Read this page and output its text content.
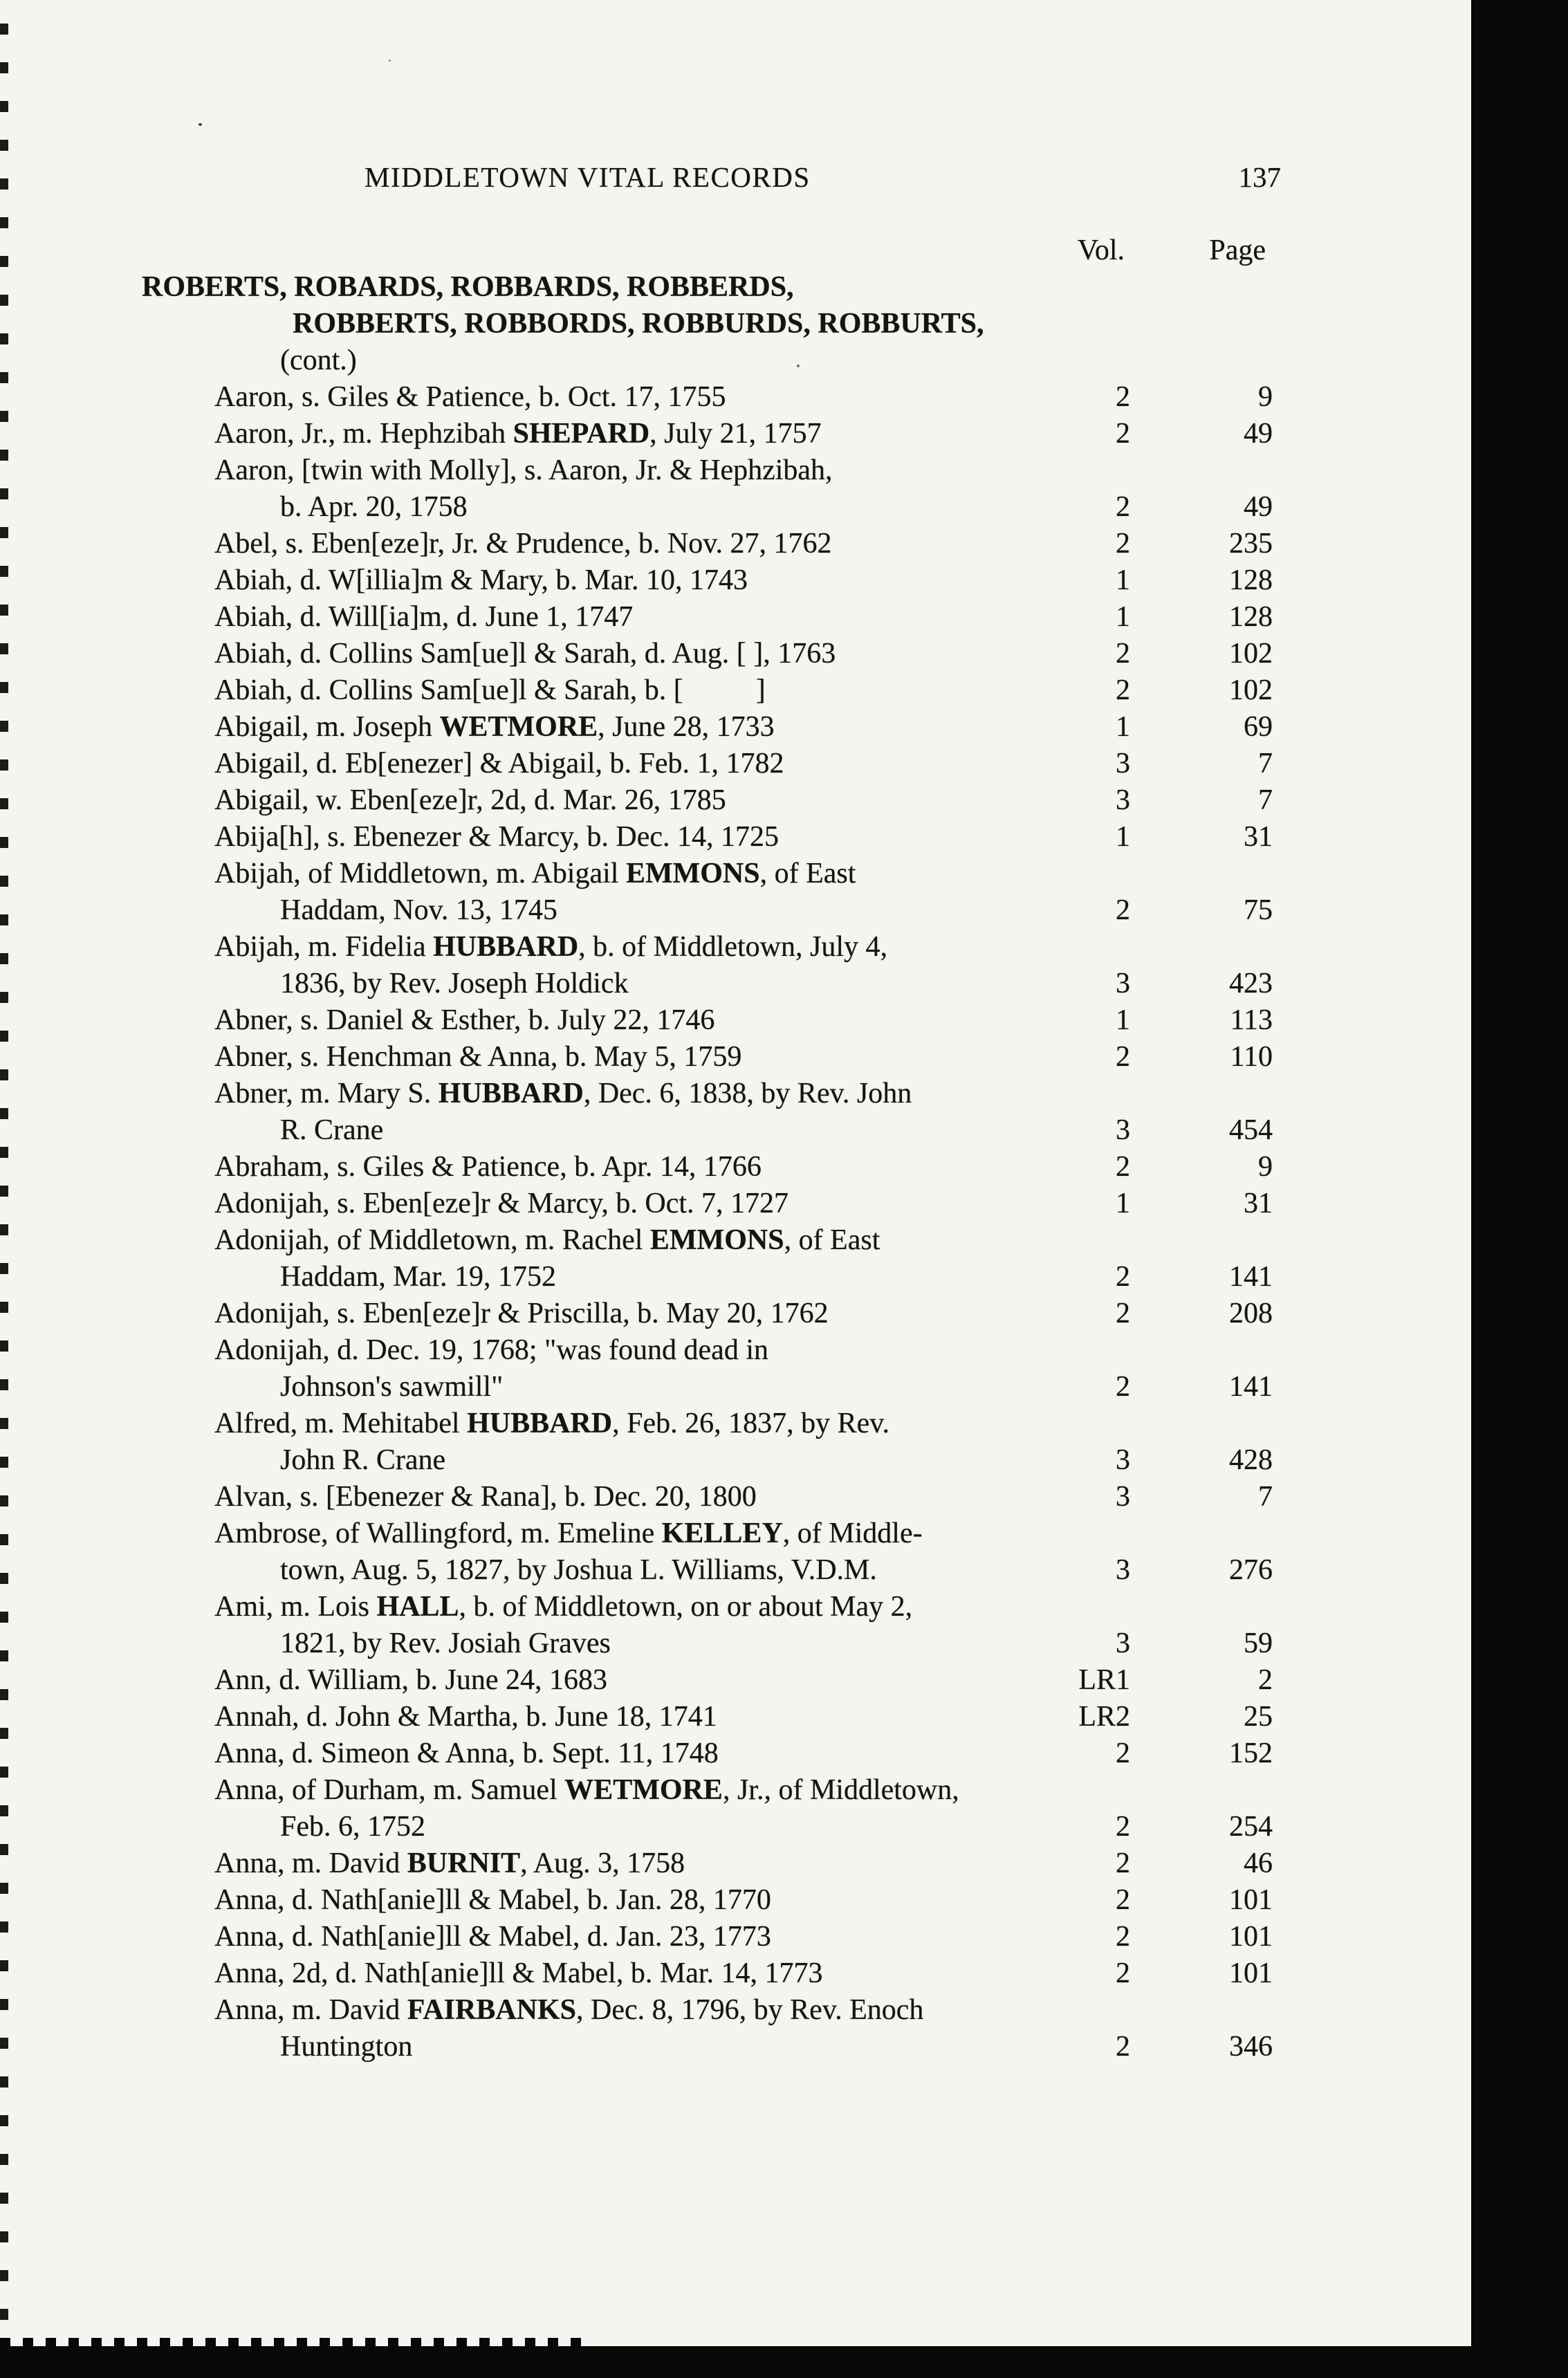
MIDDLETOWN VITAL RECORDS	137
Vol.	Page
ROBERTS, ROBARDS, ROBBARDS, ROBBERDS,
ROBBERTS, ROBBORDS, ROBBURDS, ROBBURTS,
(cont.)
Aaron, s. Giles & Patience, b. Oct. 17, 1755	2	9
Aaron, Jr., m. Hephzibah SHEPARD, July 21, 1757	2	49
Aaron, [twin with Molly], s. Aaron, Jr. & Hephzibah,
b. Apr. 20, 1758	2	49
Abel, s. Eben[eze]r, Jr. & Prudence, b. Nov. 27, 1762	2	235
Abiah, d. W[illia]m & Mary, b. Mar. 10, 1743	1	128
Abiah, d. Will[ia]m, d. June 1, 1747	1	128
Abiah, d. Collins Sam[ue]l & Sarah, d. Aug. [ ], 1763	2	102
Abiah, d. Collins Sam[ue]l & Sarah, b. [          ]	2	102
Abigail, m. Joseph WETMORE, June 28, 1733	1	69
Abigail, d. Eb[enezer] & Abigail, b. Feb. 1, 1782	3	7
Abigail, w. Eben[eze]r, 2d, d. Mar. 26, 1785	3	7
Abija[h], s. Ebenezer & Marcy, b. Dec. 14, 1725	1	31
Abijah, of Middletown, m. Abigail EMMONS, of East
Haddam, Nov. 13, 1745	2	75
Abijah, m. Fidelia HUBBARD, b. of Middletown, July 4,
1836, by Rev. Joseph Holdick	3	423
Abner, s. Daniel & Esther, b. July 22, 1746	1	113
Abner, s. Henchman & Anna, b. May 5, 1759	2	110
Abner, m. Mary S. HUBBARD, Dec. 6, 1838, by Rev. John
R. Crane	3	454
Abraham, s. Giles & Patience, b. Apr. 14, 1766	2	9
Adonijah, s. Eben[eze]r & Marcy, b. Oct. 7, 1727	1	31
Adonijah, of Middletown, m. Rachel EMMONS, of East
Haddam, Mar. 19, 1752	2	141
Adonijah, s. Eben[eze]r & Priscilla, b. May 20, 1762	2	208
Adonijah, d. Dec. 19, 1768; "was found dead in
Johnson's sawmill"	2	141
Alfred, m. Mehitabel HUBBARD, Feb. 26, 1837, by Rev.
John R. Crane	3	428
Alvan, s. [Ebenezer & Rana], b. Dec. 20, 1800	3	7
Ambrose, of Wallingford, m. Emeline KELLEY, of Middle-
town, Aug. 5, 1827, by Joshua L. Williams, V.D.M.	3	276
Ami, m. Lois HALL, b. of Middletown, on or about May 2,
1821, by Rev. Josiah Graves	3	59
Ann, d. William, b. June 24, 1683	LR1	2
Annah, d. John & Martha, b. June 18, 1741	LR2	25
Anna, d. Simeon & Anna, b. Sept. 11, 1748	2	152
Anna, of Durham, m. Samuel WETMORE, Jr., of Middletown,
Feb. 6, 1752	2	254
Anna, m. David BURNIT, Aug. 3, 1758	2	46
Anna, d. Nath[anie]ll & Mabel, b. Jan. 28, 1770	2	101
Anna, d. Nath[anie]ll & Mabel, d. Jan. 23, 1773	2	101
Anna, 2d, d. Nath[anie]ll & Mabel, b. Mar. 14, 1773	2	101
Anna, m. David FAIRBANKS, Dec. 8, 1796, by Rev. Enoch
Huntington	2	346
